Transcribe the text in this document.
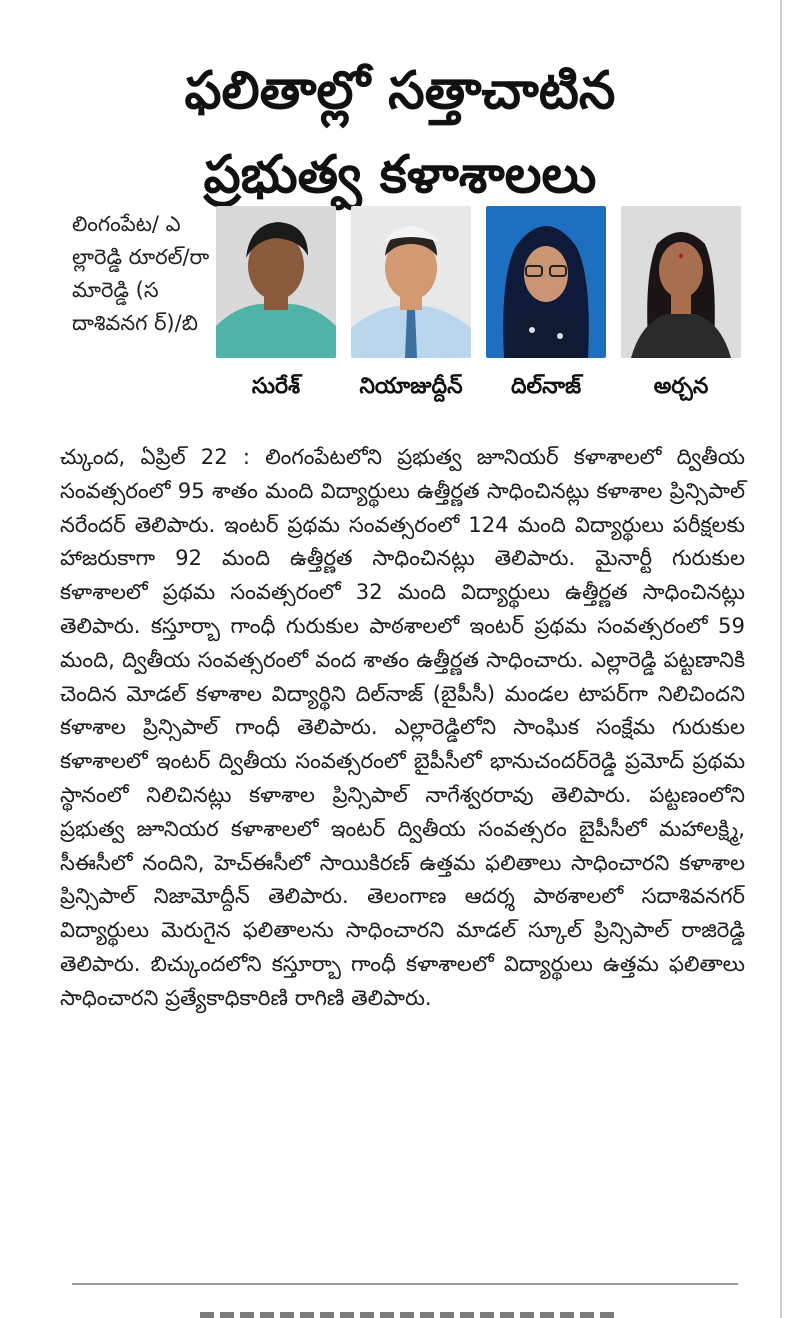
ఫలితాల్లో సత్తాచాటిన
ప్రభుత్వ కళాశాలలు
లింగంపేట/ ఎల్లారెడ్డి రూరల్/రా మారెడ్డి (స దాశివనగ ర్)/బి
సురేశ్	నియాజుద్దీన్ దిల్‌నాజ్	అర్చన
చ్కుంద, ఏప్రిల్ 22 : లింగంపేటలోని ప్రభుత్వ జూనియర్ కళాశాలలో ద్వితీయ సంవత్సరంలో 95 శాతం మంది విద్యార్థులు ఉత్తీర్ణత సాధించినట్లు కళాశాల ప్రిన్సిపాల్ నరేందర్ తెలిపారు. ఇంటర్ ప్రథమ సంవత్సరంలో 124 మంది విద్యార్థులు పరీక్షలకు హాజరుకాగా 92 మంది ఉత్తీర్ణత సాధించినట్లు తెలిపారు. మైనార్టీ గురుకుల కళాశాలలో ప్రథమ సంవత్సరంలో 32 మంది విద్యార్థులు ఉత్తీర్ణత సాధించినట్లు తెలిపారు. కస్తూర్బా గాంధీ గురుకుల పాఠశాలలో ఇంటర్ ప్రథమ సంవత్సరంలో 59 మంది, ద్వితీయ సంవత్సరంలో వంద శాతం ఉత్తీర్ణత సాధించారు. ఎల్లారెడ్డి పట్టణానికి చెందిన మోడల్ కళాశాల విద్యార్థిని దిల్‌నాజ్ (బైపీసీ) మండల టాపర్‌గా నిలిచిందని కళాశాల ప్రిన్సిపాల్ గాంధీ తెలిపారు. ఎల్లారెడ్డిలోని సాంఘిక సంక్షేమ గురుకుల కళాశాలలో ఇంటర్ ద్వితీయ సంవత్సరంలో బైపీసీలో భానుచందర్‌రెడ్డి ప్రమోద్ ప్రథమ స్థానంలో నిలిచినట్లు కళాశాల ప్రిన్సిపాల్ నాగేశ్వరరావు తెలిపారు. పట్టణంలోని ప్రభుత్వ జూనియర కళాశాలలో ఇంటర్ ద్వితీయ సంవత్సరం బైపీసీలో మహాలక్ష్మి, సీఈసీలో నందిని, హెచ్ఈసీలో సాయికిరణ్ ఉత్తమ ఫలితాలు సాధించారని కళాశాల ప్రిన్సిపాల్ నిజామోద్దీన్ తెలిపారు. తెలంగాణ ఆదర్శ పాఠశాలలో సదాశివనగర్ విద్యార్థులు మెరుగైన ఫలితాలను సాధించారని మాడల్ స్కూల్ ప్రిన్సిపాల్ రాజిరెడ్డి తెలిపారు. బిచ్కుందలోని కస్తూర్బా గాంధీ కళాశాలలో విద్యార్థులు ఉత్తమ ఫలితాలు సాధించారని ప్రత్యేకాధికారిణి రాగిణి తెలిపారు.
